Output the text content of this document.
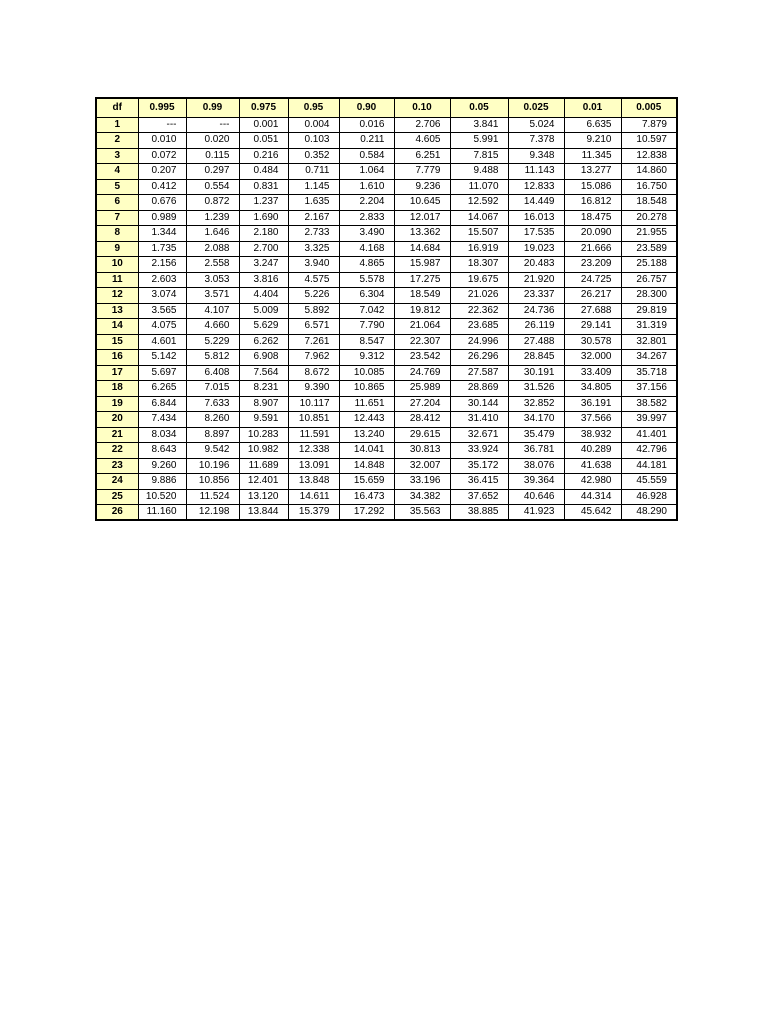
df	0.995	0.99	0.975	0.95	0.90	0.10	0.05	0.025	0.01	0.005
1	---	---	0.001	0.004	0.016	2.706	3.841	5.024	6.635	7.879
2	0.010	0.020	0.051	0.103	0.211	4.605	5.991	7.378	9.210	10.597
3	0.072	0.115	0.216	0.352	0.584	6.251	7.815	9.348	11.345	12.838
4	0.207	0.297	0.484	0.711	1.064	7.779	9.488	11.143	13.277	14.860
5	0.412	0.554	0.831	1.145	1.610	9.236	11.070	12.833	15.086	16.750
6	0.676	0.872	1.237	1.635	2.204	10.645	12.592	14.449	16.812	18.548
7	0.989	1.239	1.690	2.167	2.833	12.017	14.067	16.013	18.475	20.278
8	1.344	1.646	2.180	2.733	3.490	13.362	15.507	17.535	20.090	21.955
9	1.735	2.088	2.700	3.325	4.168	14.684	16.919	19.023	21.666	23.589
10	2.156	2.558	3.247	3.940	4.865	15.987	18.307	20.483	23.209	25.188
11	2.603	3.053	3.816	4.575	5.578	17.275	19.675	21.920	24.725	26.757
12	3.074	3.571	4.404	5.226	6.304	18.549	21.026	23.337	26.217	28.300
13	3.565	4.107	5.009	5.892	7.042	19.812	22.362	24.736	27.688	29.819
14	4.075	4.660	5.629	6.571	7.790	21.064	23.685	26.119	29.141	31.319
15	4.601	5.229	6.262	7.261	8.547	22.307	24.996	27.488	30.578	32.801
16	5.142	5.812	6.908	7.962	9.312	23.542	26.296	28.845	32.000	34.267
17	5.697	6.408	7.564	8.672	10.085	24.769	27.587	30.191	33.409	35.718
18	6.265	7.015	8.231	9.390	10.865	25.989	28.869	31.526	34.805	37.156
19	6.844	7.633	8.907	10.117	11.651	27.204	30.144	32.852	36.191	38.582
20	7.434	8.260	9.591	10.851	12.443	28.412	31.410	34.170	37.566	39.997
21	8.034	8.897	10.283	11.591	13.240	29.615	32.671	35.479	38.932	41.401
22	8.643	9.542	10.982	12.338	14.041	30.813	33.924	36.781	40.289	42.796
23	9.260	10.196	11.689	13.091	14.848	32.007	35.172	38.076	41.638	44.181
24	9.886	10.856	12.401	13.848	15.659	33.196	36.415	39.364	42.980	45.559
25	10.520	11.524	13.120	14.611	16.473	34.382	37.652	40.646	44.314	46.928
26	11.160	12.198	13.844	15.379	17.292	35.563	38.885	41.923	45.642	48.290
